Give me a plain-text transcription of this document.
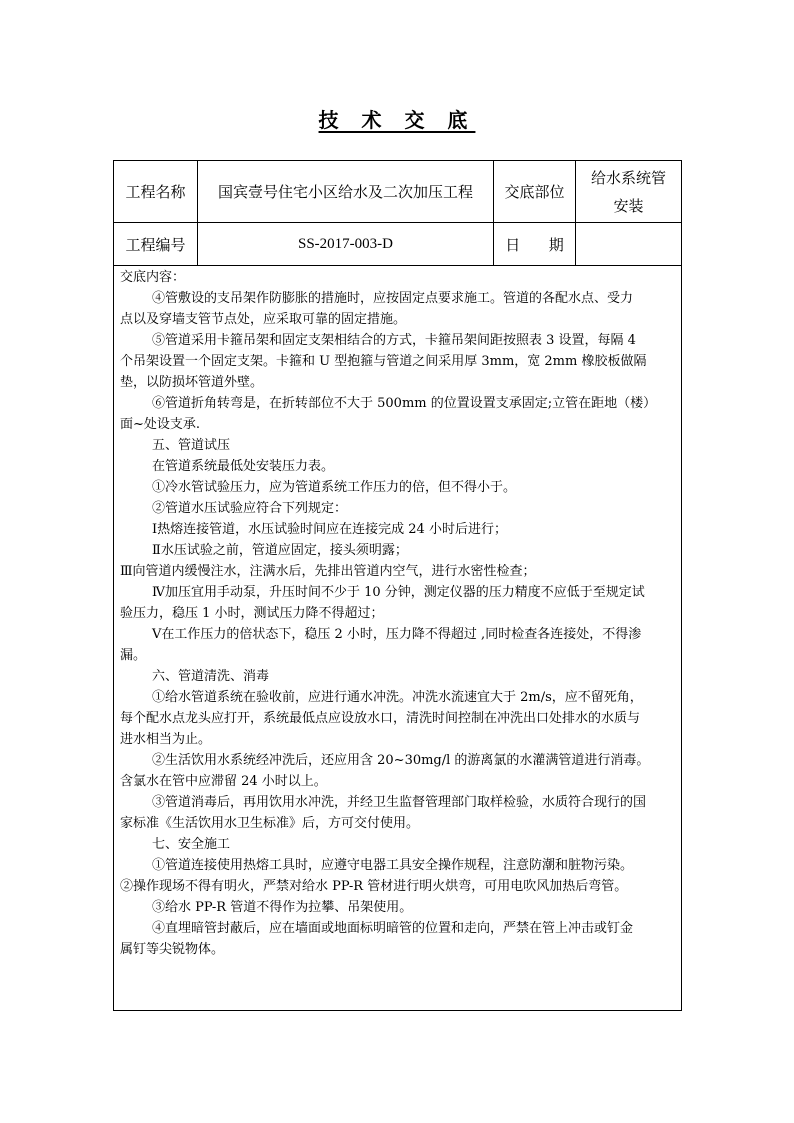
技 术 交 底
工程名称	国宾壹号住宅小区给水及二次加压工程	交底部位
给水系统管
安装
工程编号	SS-2017-003-D	日      期

交底内容：

④管敷设的支吊架作防膨胀的措施时，应按固定点要求施工。管道的各配水点、受力

点以及穿墙支管节点处，应采取可靠的固定措施。

⑤管道采用卡箍吊架和固定支架相结合的方式，卡箍吊架间距按照表 3 设置，每隔 4

个吊架设置一个固定支架。卡箍和 U 型抱箍与管道之间采用厚 3mm，宽 2mm 橡胶板做隔

垫，以防损坏管道外壁。

⑥管道折角转弯是，在折转部位不大于 500mm 的位置设置支承固定;立管在距地（楼）

面~处设支承.

五、管道试压

在管道系统最低处安装压力表。

①冷水管试验压力，应为管道系统工作压力的倍，但不得小于。

②管道水压试验应符合下列规定：

Ⅰ热熔连接管道，水压试验时间应在连接完成 24 小时后进行；

Ⅱ水压试验之前，管道应固定，接头须明露；

Ⅲ向管道内缓慢注水，注满水后，先排出管道内空气，进行水密性检查；

Ⅳ加压宜用手动泵，升压时间不少于 10 分钟，测定仪器的压力精度不应低于至规定试

验压力，稳压 1 小时，测试压力降不得超过；

Ⅴ在工作压力的倍状态下，稳压 2 小时，压力降不得超过 ,同时检查各连接处，不得渗

漏。

六、管道清洗、消毒

①给水管道系统在验收前，应进行通水冲洗。冲洗水流速宜大于 2m/s，应不留死角，

每个配水点龙头应打开，系统最低点应设放水口，清洗时间控制在冲洗出口处排水的水质与

进水相当为止。

②生活饮用水系统经冲洗后，还应用含 20~30mg/l 的游离氯的水灌满管道进行消毒。

含氯水在管中应滞留 24 小时以上。

③管道消毒后，再用饮用水冲洗，并经卫生监督管理部门取样检验，水质符合现行的国

家标准《生活饮用水卫生标准》后，方可交付使用。

七、安全施工

①管道连接使用热熔工具时，应遵守电器工具安全操作规程，注意防潮和脏物污染。

②操作现场不得有明火，严禁对给水 PP-R 管材进行明火烘弯，可用电吹风加热后弯管。

③给水 PP-R 管道不得作为拉攀、吊架使用。

④直埋暗管封蔽后，应在墙面或地面标明暗管的位置和走向，严禁在管上冲击或钉金

属钉等尖锐物体。
